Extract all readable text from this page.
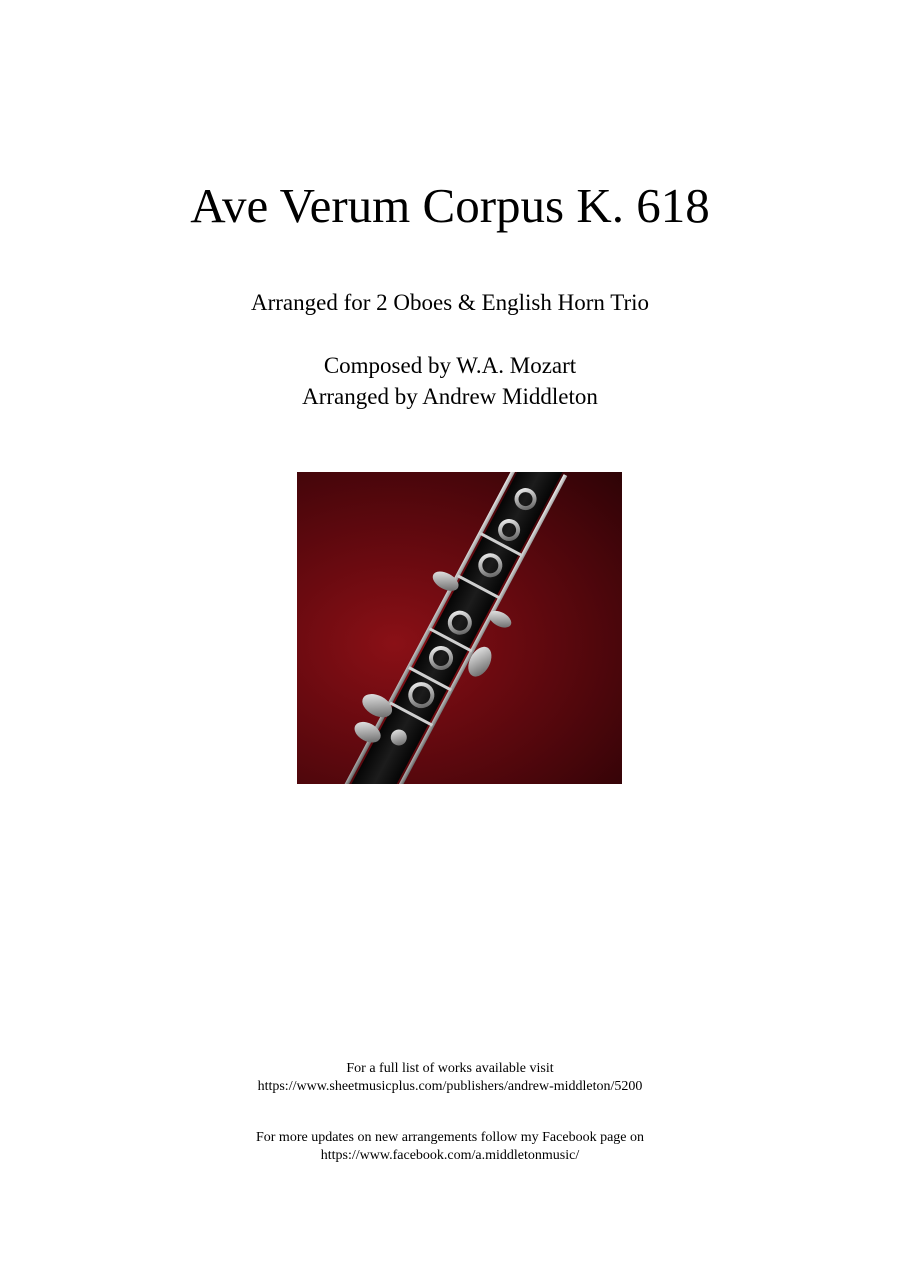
Ave Verum Corpus K. 618
Arranged for 2 Oboes & English Horn Trio
Composed by W.A. Mozart
Arranged by Andrew Middleton
For a full list of works available visit
https://www.sheetmusicplus.com/publishers/andrew-middleton/5200
For more updates on new arrangements follow my Facebook page on
https://www.facebook.com/a.middletonmusic/
